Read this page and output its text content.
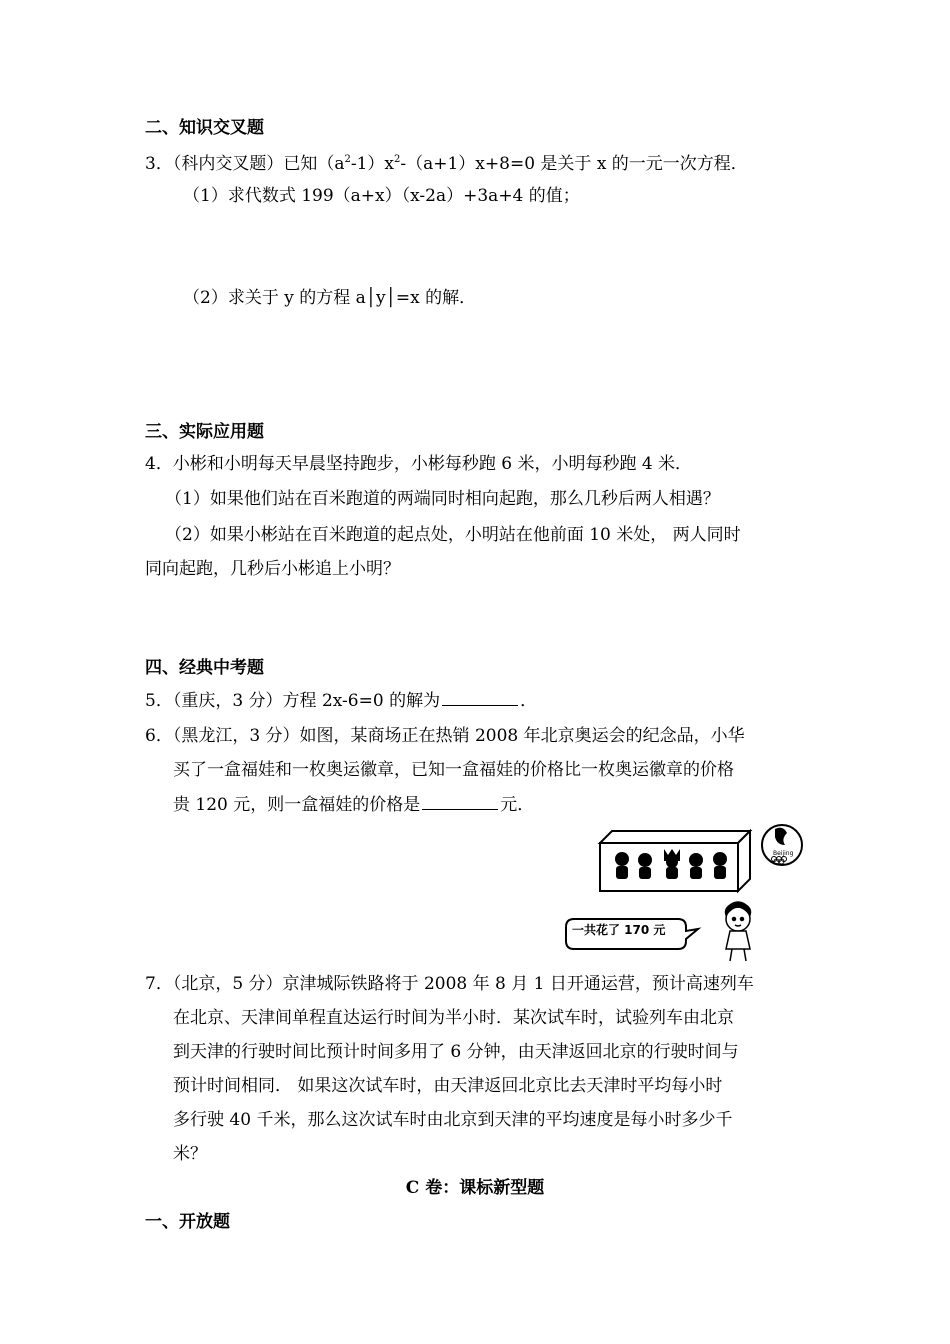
二、知识交叉题
3．（科内交叉题）已知$(a^2-1)x^2-(a+1)x+8=0$ 是关于 x 的一元一次方程．
（1）求代数式 199（a+x）（x-2a）+3a+4 的值；
（2）求关于 y 的方程 a│y│=x 的解．
三、实际应用题
4．小彬和小明每天早晨坚持跑步，小彬每秒跑 6 米，小明每秒跑 4 米．
（1）如果他们站在百米跑道的两端同时相向起跑，那么几秒后两人相遇？
（2）如果小彬站在百米跑道的起点处，小明站在他前面 10 米处， 两人同时
同向起跑，几秒后小彬追上小明？
四、经典中考题
5．（重庆，3 分）方程 2x-6=0 的解为	．
6．（黑龙江，3 分）如图，某商场正在热销 2008 年北京奥运会的纪念品，小华
买了一盒福娃和一枚奥运徽章，已知一盒福娃的价格比一枚奥运徽章的价格
贵 120 元，则一盒福娃的价格是	元．
Beijing
一共花了 170 元
7．（北京，5 分）京津城际铁路将于 2008 年 8 月 1 日开通运营，预计高速列车
在北京、天津间单程直达运行时间为半小时．某次试车时，试验列车由北京
到天津的行驶时间比预计时间多用了 6 分钟，由天津返回北京的行驶时间与
预计时间相同． 如果这次试车时，由天津返回北京比去天津时平均每小时
多行驶 40 千米，那么这次试车时由北京到天津的平均速度是每小时多少千
米？
C 卷：课标新型题
一、开放题
